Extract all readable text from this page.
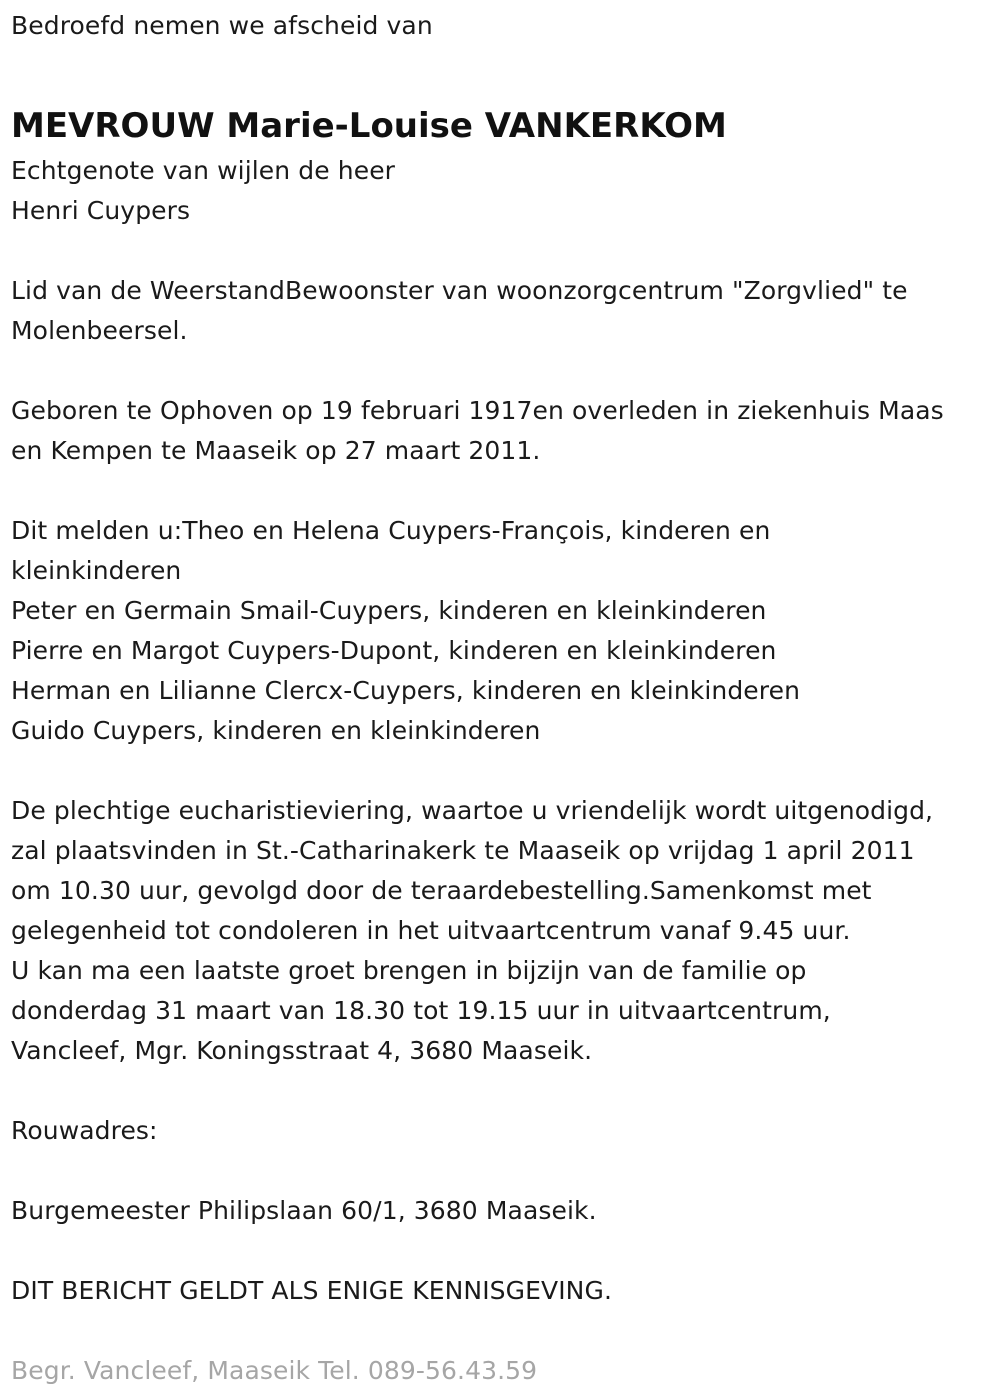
Bedroefd nemen we afscheid van
MEVROUW Marie-Louise VANKERKOM
Echtgenote van wijlen de heer
Henri Cuypers
Lid van de WeerstandBewoonster van woonzorgcentrum "Zorgvlied" te
Molenbeersel.
Geboren te Ophoven op 19 februari 1917en overleden in ziekenhuis Maas
en Kempen te Maaseik op 27 maart 2011.
Dit melden u:Theo en Helena Cuypers-François, kinderen en
kleinkinderen
Peter en Germain Smail-Cuypers, kinderen en kleinkinderen
Pierre en Margot Cuypers-Dupont, kinderen en kleinkinderen
Herman en Lilianne Clercx-Cuypers, kinderen en kleinkinderen
Guido Cuypers, kinderen en kleinkinderen
De plechtige eucharistieviering, waartoe u vriendelijk wordt uitgenodigd,
zal plaatsvinden in St.-Catharinakerk te Maaseik op vrijdag 1 april 2011
om 10.30 uur, gevolgd door de teraardebestelling.Samenkomst met
gelegenheid tot condoleren in het uitvaartcentrum vanaf 9.45 uur.
U kan ma een laatste groet brengen in bijzijn van de familie op
donderdag 31 maart van 18.30 tot 19.15 uur in uitvaartcentrum,
Vancleef, Mgr. Koningsstraat 4, 3680 Maaseik.
Rouwadres:
Burgemeester Philipslaan 60/1, 3680 Maaseik.
DIT BERICHT GELDT ALS ENIGE KENNISGEVING.
Begr. Vancleef, Maaseik Tel. 089-56.43.59
